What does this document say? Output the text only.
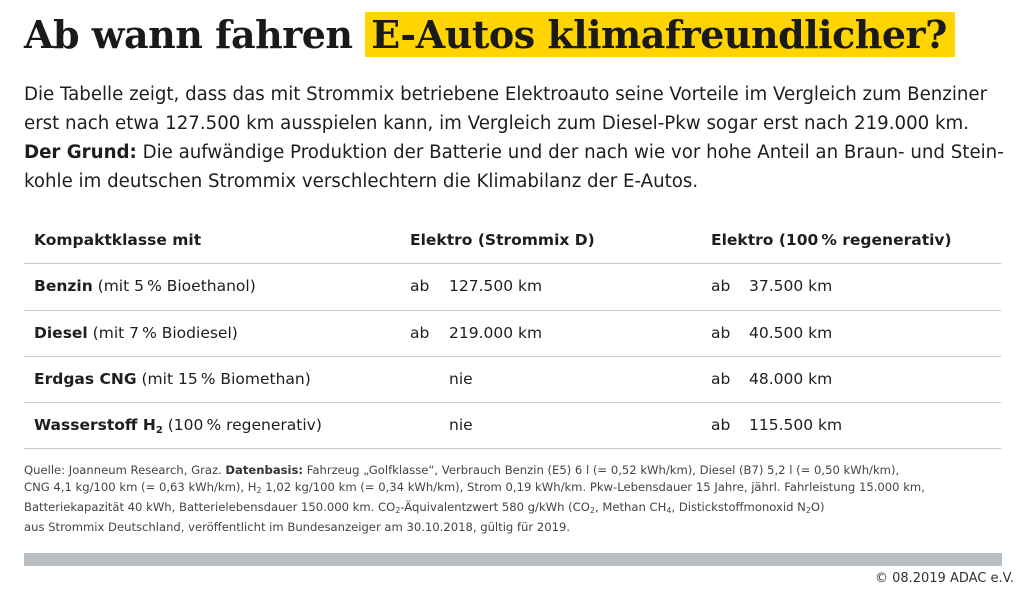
Ab wann fahren E-Autos klimafreundlicher?

Die Tabelle zeigt, dass das mit Strommix betriebene Elektroauto seine Vorteile im Vergleich zum Benziner erst nach etwa 127.500 km ausspielen kann, im Vergleich zum Diesel-Pkw sogar erst nach 219.000 km.

Der Grund: Die aufwändige Produktion der Batterie und der nach wie vor hohe Anteil an Braun- und Steinkohle im deutschen Strommix verschlechtern die Klimabilanz der E-Autos.

Kompaktklasse mit	Elektro (Strommix D)	Elektro (100 % regenerativ)
Benzin (mit 5 % Bioethanol)	ab 127.500 km	ab 37.500 km
Diesel (mit 7 % Biodiesel)	ab 219.000 km	ab 40.500 km
Erdgas CNG (mit 15 % Biomethan)	nie	ab 48.000 km
Wasserstoff $H_2$ (100 % regenerativ)	nie	ab 115.500 km
Quelle: Joanneum Research, Graz. Datenbasis: Fahrzeug „Golfklasse“, Verbrauch Benzin (E5) 6 l (= 0,52 kWh/km), Diesel (B7) 5,2 l (= 0,50 kWh/km),
CNG 4,1 kg/100 km (= 0,63 kWh/km), H2 1,02 kg/100 km (= 0,34 kWh/km), Strom 0,19 kWh/km. Pkw-Lebensdauer 15 Jahre, jährl. Fahrleistung 15.000 km,
Batteriekapazität 40 kWh, Batterielebensdauer 150.000 km. CO2-Äquivalentzwert 580 g/kWh (CO2, Methan CH4, Distickstoffmonoxid N2O)
aus Strommix Deutschland, veröffentlicht im Bundesanzeiger am 30.10.2018, gültig für 2019.
© 08.2019 ADAC e.V.
